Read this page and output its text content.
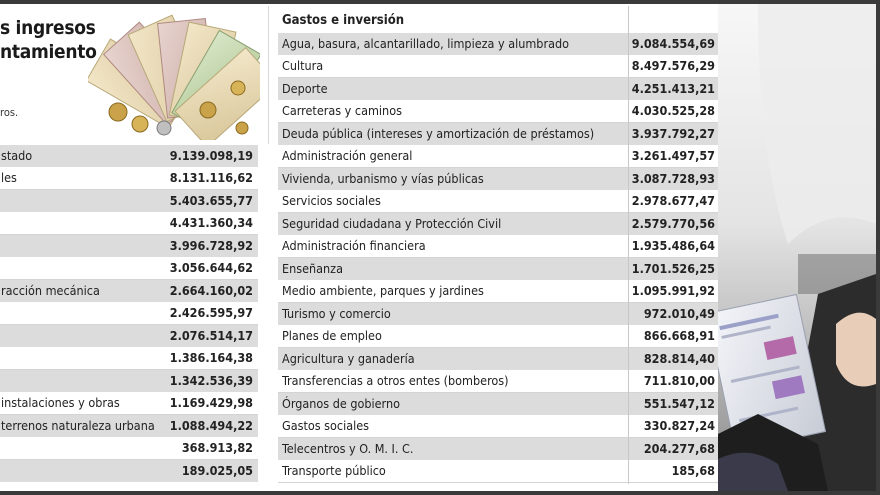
s ingresos
ntamiento
ros.
stado	9.139.098,19
les	8.131.116,62
5.403.655,77
4.431.360,34
3.996.728,92
3.056.644,62
racción mecánica	2.664.160,02
2.426.595,97
2.076.514,17
1.386.164,38
1.342.536,39
instalaciones y obras	1.169.429,98
terrenos naturaleza urbana	1.088.494,22
368.913,82
189.025,05
Gastos e inversión
Agua, basura, alcantarillado, limpieza y alumbrado	9.084.554,69
Cultura	8.497.576,29
Deporte	4.251.413,21
Carreteras y caminos	4.030.525,28
Deuda pública (intereses y amortización de préstamos)	3.937.792,27
Administración general	3.261.497,57
Vivienda, urbanismo y vías públicas	3.087.728,93
Servicios sociales	2.978.677,47
Seguridad ciudadana y Protección Civil	2.579.770,56
Administración financiera	1.935.486,64
Enseñanza	1.701.526,25
Medio ambiente, parques y jardines	1.095.991,92
Turismo y comercio	972.010,49
Planes de empleo	866.668,91
Agricultura y ganadería	828.814,40
Transferencias a otros entes (bomberos)	711.810,00
Órganos de gobierno	551.547,12
Gastos sociales	330.827,24
Telecentros y O. M. I. C.	204.277,68
Transporte público	185,68
